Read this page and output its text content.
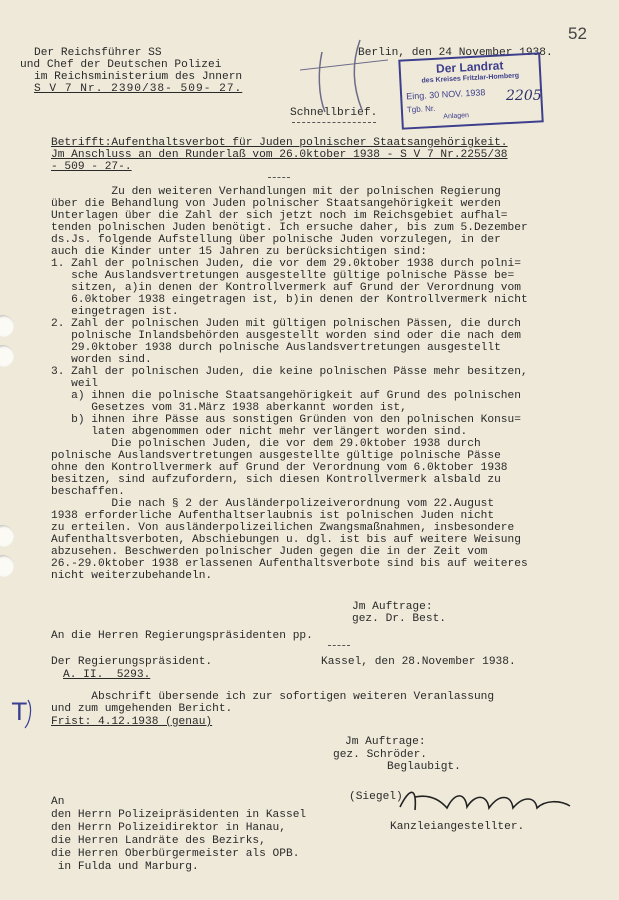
52
Der Reichsführer SS
und Chef der Deutschen Polizei
im Reichsministerium des Jnnern
S V 7 Nr. 2390/38- 509- 27.
Berlin, den 24 November 1938.
Der Landrat
des Kreises Fritzlar-Homberg
Eing. 30 NOV. 1938
Tgb. Nr.
Anlagen
2205
Schnellbrief.
Betrifft:Aufenthaltsverbot für Juden polnischer Staatsangehörigkeit.
Jm Anschluss an den Runderlaß vom 26.0ktober 1938 - S V 7 Nr.2255/38
- 509 - 27-.
Zu den weiteren Verhandlungen mit der polnischen Regierung
über die Behandlung von Juden polnischer Staatsangehörigkeit werden
Unterlagen über die Zahl der sich jetzt noch im Reichsgebiet aufhal=
tenden polnischen Juden benötigt. Ich ersuche daher, bis zum 5.Dezember
ds.Js. folgende Aufstellung über polnische Juden vorzulegen, in der
auch die Kinder unter 15 Jahren zu berücksichtigen sind:
1. Zahl der polnischen Juden, die vor dem 29.0ktober 1938 durch polni=
sche Auslandsvertretungen ausgestellte gültige polnische Pässe be=
sitzen, a)in denen der Kontrollvermerk auf Grund der Verordnung vom
6.0ktober 1938 eingetragen ist, b)in denen der Kontrollvermerk nicht
eingetragen ist.
2. Zahl der polnischen Juden mit gültigen polnischen Pässen, die durch
polnische Inlandsbehörden ausgestellt worden sind oder die nach dem
29.0ktober 1938 durch polnische Auslandsvertretungen ausgestellt
worden sind.
3. Zahl der polnischen Juden, die keine polnischen Pässe mehr besitzen,
weil
a) ihnen die polnische Staatsangehörigkeit auf Grund des polnischen
Gesetzes vom 31.März 1938 aberkannt worden ist,
b) ihnen ihre Pässe aus sonstigen Gründen von den polnischen Konsu=
laten abgenommen oder nicht mehr verlängert worden sind.
Die polnischen Juden, die vor dem 29.0ktober 1938 durch
polnische Auslandsvertretungen ausgestellte gültige polnische Pässe
ohne den Kontrollvermerk auf Grund der Verordnung vom 6.0ktober 1938
besitzen, sind aufzufordern, sich diesen Kontrollvermerk alsbald zu
beschaffen.
Die nach § 2 der Ausländerpolizeiverordnung vom 22.August
1938 erforderliche Aufenthaltserlaubnis ist polnischen Juden nicht
zu erteilen. Von ausländerpolizeilichen Zwangsmaßnahmen, insbesondere
Aufenthaltsverboten, Abschiebungen u. dgl. ist bis auf weitere Weisung
abzusehen. Beschwerden polnischer Juden gegen die in der Zeit vom
26.-29.0ktober 1938 erlassenen Aufenthaltsverbote sind bis auf weiteres
nicht weiterzubehandeln.
Jm Auftrage:
gez. Dr. Best.
An die Herren Regierungspräsidenten pp.
Der Regierungspräsident.	Kassel, den 28.November 1938.
A. II.  5293.
Abschrift übersende ich zur sofortigen weiteren Veranlassung
und zum umgehenden Bericht.
Frist: 4.12.1938 (genau)
Jm Auftrage:
gez. Schröder.
Beglaubigt.
(Siegel)
Kanzleiangestellter.
An
den Herrn Polizeipräsidenten in Kassel
den Herrn Polizeidirektor in Hanau,
die Herren Landräte des Bezirks,
die Herren Oberbürgermeister als OPB.
in Fulda und Marburg.
T
